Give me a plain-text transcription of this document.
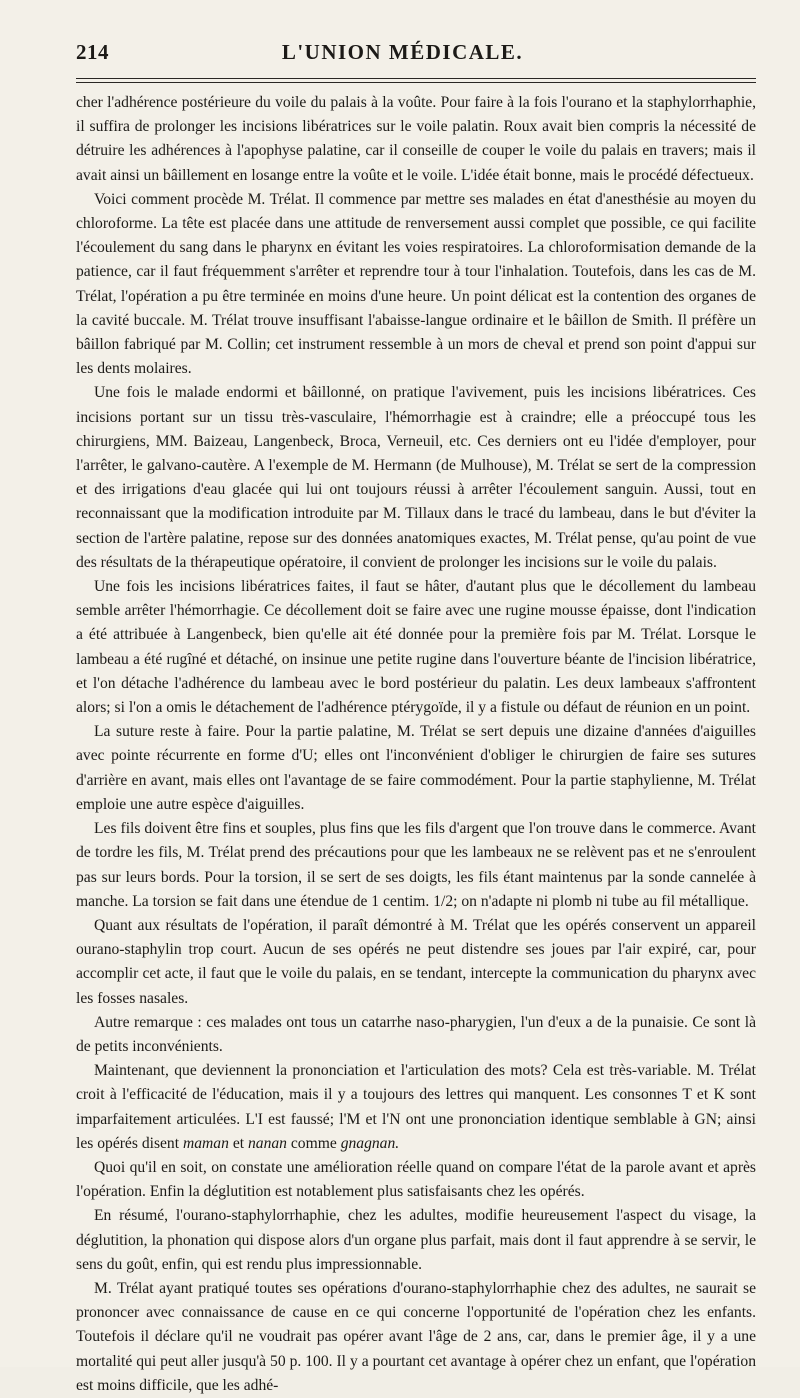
214	L'UNION MÉDICALE.

cher l'adhérence postérieure du voile du palais à la voûte. Pour faire à la fois l'ourano et la staphylorrhaphie, il suffira de prolonger les incisions libératrices sur le voile palatin. Roux avait bien compris la nécessité de détruire les adhérences à l'apophyse palatine, car il conseille de couper le voile du palais en travers; mais il avait ainsi un bâillement en losange entre la voûte et le voile. L'idée était bonne, mais le procédé défectueux.

Voici comment procède M. Trélat. Il commence par mettre ses malades en état d'anesthésie au moyen du chloroforme. La tête est placée dans une attitude de renversement aussi complet que possible, ce qui facilite l'écoulement du sang dans le pharynx en évitant les voies respiratoires. La chloroformisation demande de la patience, car il faut fréquemment s'arrêter et reprendre tour à tour l'inhalation. Toutefois, dans les cas de M. Trélat, l'opération a pu être terminée en moins d'une heure. Un point délicat est la contention des organes de la cavité buccale. M. Trélat trouve insuffisant l'abaisse-langue ordinaire et le bâillon de Smith. Il préfère un bâillon fabriqué par M. Collin; cet instrument ressemble à un mors de cheval et prend son point d'appui sur les dents molaires.

Une fois le malade endormi et bâillonné, on pratique l'avivement, puis les incisions libératrices. Ces incisions portant sur un tissu très-vasculaire, l'hémorrhagie est à craindre; elle a préoccupé tous les chirurgiens, MM. Baizeau, Langenbeck, Broca, Verneuil, etc. Ces derniers ont eu l'idée d'employer, pour l'arrêter, le galvano-cautère. A l'exemple de M. Hermann (de Mulhouse), M. Trélat se sert de la compression et des irrigations d'eau glacée qui lui ont toujours réussi à arrêter l'écoulement sanguin. Aussi, tout en reconnaissant que la modification introduite par M. Tillaux dans le tracé du lambeau, dans le but d'éviter la section de l'artère palatine, repose sur des données anatomiques exactes, M. Trélat pense, qu'au point de vue des résultats de la thérapeutique opératoire, il convient de prolonger les incisions sur le voile du palais.

Une fois les incisions libératrices faites, il faut se hâter, d'autant plus que le décollement du lambeau semble arrêter l'hémorrhagie. Ce décollement doit se faire avec une rugine mousse épaisse, dont l'indication a été attribuée à Langenbeck, bien qu'elle ait été donnée pour la première fois par M. Trélat. Lorsque le lambeau a été rugîné et détaché, on insinue une petite rugine dans l'ouverture béante de l'incision libératrice, et l'on détache l'adhérence du lambeau avec le bord postérieur du palatin. Les deux lambeaux s'affrontent alors; si l'on a omis le détachement de l'adhérence ptérygoïde, il y a fistule ou défaut de réunion en un point.

La suture reste à faire. Pour la partie palatine, M. Trélat se sert depuis une dizaine d'années d'aiguilles avec pointe récurrente en forme d'U; elles ont l'inconvénient d'obliger le chirurgien de faire ses sutures d'arrière en avant, mais elles ont l'avantage de se faire commodément. Pour la partie staphylienne, M. Trélat emploie une autre espèce d'aiguilles.

Les fils doivent être fins et souples, plus fins que les fils d'argent que l'on trouve dans le commerce. Avant de tordre les fils, M. Trélat prend des précautions pour que les lambeaux ne se relèvent pas et ne s'enroulent pas sur leurs bords. Pour la torsion, il se sert de ses doigts, les fils étant maintenus par la sonde cannelée à manche. La torsion se fait dans une étendue de 1 centim. 1/2; on n'adapte ni plomb ni tube au fil métallique.

Quant aux résultats de l'opération, il paraît démontré à M. Trélat que les opérés conservent un appareil ourano-staphylin trop court. Aucun de ses opérés ne peut distendre ses joues par l'air expiré, car, pour accomplir cet acte, il faut que le voile du palais, en se tendant, intercepte la communication du pharynx avec les fosses nasales.

Autre remarque : ces malades ont tous un catarrhe naso-pharygien, l'un d'eux a de la punaisie. Ce sont là de petits inconvénients.

Maintenant, que deviennent la prononciation et l'articulation des mots? Cela est très-variable. M. Trélat croit à l'efficacité de l'éducation, mais il y a toujours des lettres qui manquent. Les consonnes T et K sont imparfaitement articulées. L'I est faussé; l'M et l'N ont une prononciation identique semblable à GN; ainsi les opérés disent maman et nanan comme gnagnan.

Quoi qu'il en soit, on constate une amélioration réelle quand on compare l'état de la parole avant et après l'opération. Enfin la déglutition est notablement plus satisfaisants chez les opérés.

En résumé, l'ourano-staphylorrhaphie, chez les adultes, modifie heureusement l'aspect du visage, la déglutition, la phonation qui dispose alors d'un organe plus parfait, mais dont il faut apprendre à se servir, le sens du goût, enfin, qui est rendu plus impressionnable.

M. Trélat ayant pratiqué toutes ses opérations d'ourano-staphylorrhaphie chez des adultes, ne saurait se prononcer avec connaissance de cause en ce qui concerne l'opportunité de l'opération chez les enfants. Toutefois il déclare qu'il ne voudrait pas opérer avant l'âge de 2 ans, car, dans le premier âge, il y a une mortalité qui peut aller jusqu'à 50 p. 100. Il y a pourtant cet avantage à opérer chez un enfant, que l'opération est moins difficile, que les adhé-
